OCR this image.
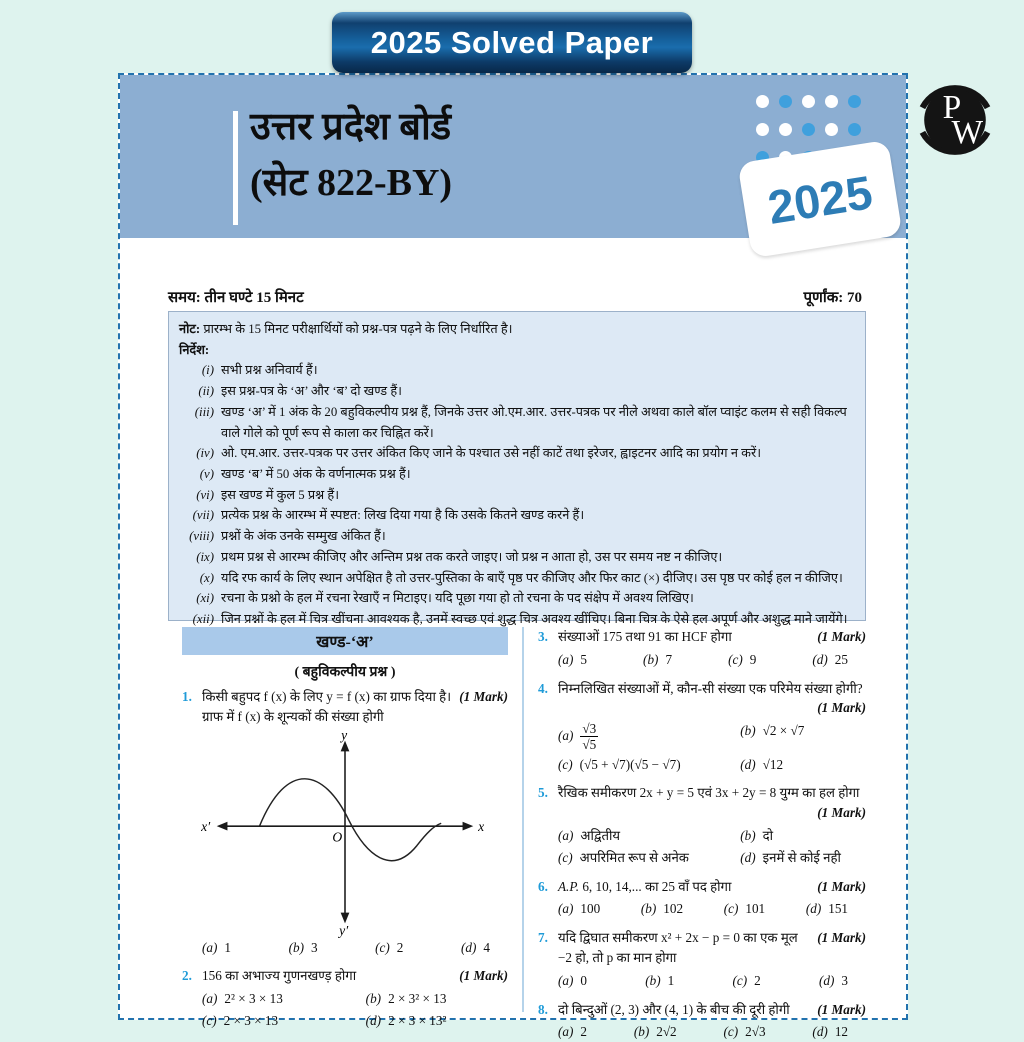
2025 Solved Paper
P
W
उत्तर प्रदेश बोर्ड
(सेट 822-BY)	2025
समय: तीन घण्टे 15 मिनट	पूर्णांक: 70
नोट: प्रारम्भ के 15 मिनट परीक्षार्थियों को प्रश्न-पत्र पढ़ने के लिए निर्धारित है।
निर्देश:
(i) सभी प्रश्न अनिवार्य हैं।
(ii) इस प्रश्न-पत्र के ‘अ’ और ‘ब’ दो खण्ड हैं।
(iii) खण्ड ‘अ’ में 1 अंक के 20 बहुविकल्पीय प्रश्न हैं, जिनके उत्तर ओ.एम.आर. उत्तर-पत्रक पर नीले अथवा काले बॉल प्वाइंट कलम से सही विकल्प वाले गोले को पूर्ण रूप से काला कर चिह्नित करें।
(iv) ओ. एम.आर. उत्तर-पत्रक पर उत्तर अंकित किए जाने के पश्चात उसे नहीं काटें तथा इरेजर, ह्वाइटनर आदि का प्रयोग न करें।
(v) खण्ड ‘ब’ में 50 अंक के वर्णनात्मक प्रश्न हैं।
(vi) इस खण्ड में कुल 5 प्रश्न हैं।
(vii) प्रत्येक प्रश्न के आरम्भ में स्पष्टत: लिख दिया गया है कि उसके कितने खण्ड करने हैं।
(viii) प्रश्नों के अंक उनके सम्मुख अंकित हैं।
(ix) प्रथम प्रश्न से आरम्भ कीजिए और अन्तिम प्रश्न तक करते जाइए। जो प्रश्न न आता हो, उस पर समय नष्ट न कीजिए।
(x) यदि रफ कार्य के लिए स्थान अपेक्षित है तो उत्तर-पुस्तिका के बाएँ पृष्ठ पर कीजिए और फिर काट (×) दीजिए। उस पृष्ठ पर कोई हल न कीजिए।
(xi) रचना के प्रश्नो के हल में रचना रेखाएँ न मिटाइए। यदि पूछा गया हो तो रचना के पद संक्षेप में अवश्य लिखिए।
(xii) जिन प्रश्नों के हल में चित्र खींचना आवश्यक है, उनमें स्वच्छ एवं शुद्ध चित्र अवश्य खींचिए। बिना चित्र के ऐसे हल अपूर्ण और अशुद्ध माने जायेंगे।
खण्ड-‘अ’
( बहुविकल्पीय प्रश्न )
1.	(1 Mark)
किसी बहुपद f (x) के लिए y = f (x) का ग्राफ दिया है। ग्राफ में f (x) के शून्यकों की संख्या होगी
y
y′
x
x′
O
(a) 1	(b) 3	(c) 2	(d) 4
2.	(1 Mark)
156 का अभाज्य गुणनखण्ड़ होगा
(a) 2² × 3 × 13	(b) 2 × 3² × 13
(c) 2 × 3 × 13	(d) 2 × 3 × 13²
3.	(1 Mark)
संख्याओं 175 तथा 91 का HCF होगा
(a) 5	(b) 7	(c) 9	(d) 25
4. निम्नलिखित संख्याओं में, कौन-सी संख्या एक परिमेय संख्या होगी?
(1 Mark)
$(a) \frac{√3}{√5}$	(b) √2 × √7
(c) (√5 + √7)(√5 − √7)	(d) √12
5. रैखिक समीकरण 2x + y = 5 एवं 3x + 2y = 8 युग्म का हल होगा
(1 Mark)
(a) अद्वितीय	(b) दो
(c) अपरिमित रूप से अनेक	(d) इनमें से कोई नही
6.	(1 Mark)
A.P. 6, 10, 14,... का 25 वाँ पद होगा
(a) 100	(b) 102	(c) 101	(d) 151
7.	(1 Mark)
यदि द्विघात समीकरण x² + 2x − p = 0 का एक मूल −2 हो, तो p का मान होगा
(a) 0	(b) 1	(c) 2	(d) 3
8.	(1 Mark)
दो बिन्दुओं (2, 3) और (4, 1) के बीच की दूरी होगी
(a) 2	(b) 2√2	(c) 2√3	(d) 12
